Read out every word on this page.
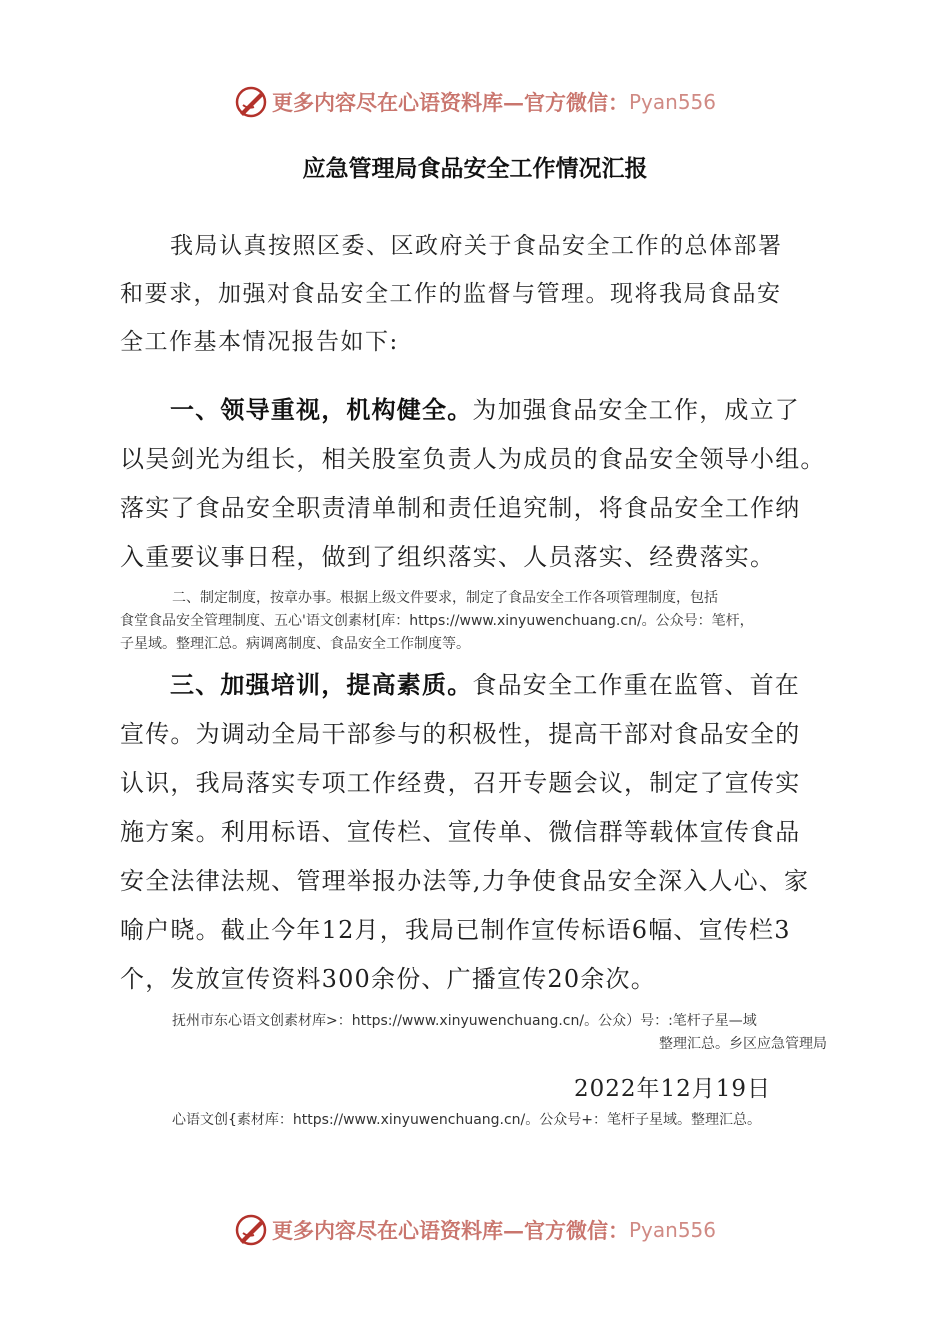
更多内容尽在心语资料库—官方微信： Pyan556
应急管理局食品安全工作情况汇报
我局认真按照区委、区政府关于食品安全工作的总体部署
和要求，加强对食品安全工作的监督与管理。现将我局食品安
全工作基本情况报告如下:
一、领导重视，机构健全。为加强食品安全工作，成立了
以吴剑光为组长，相关股室负责人为成员的食品安全领导小组。
落实了食品安全职责清单制和责任追究制，将食品安全工作纳
入重要议事日程，做到了组织落实、人员落实、经费落实。
二、制定制度，按章办事。根据上级文件要求，制定了食品安全工作各项管理制度，包括
食堂食品安全管理制度、五心'语文创素材[库：https://www.xinyuwenchuang.cn/。公众号：笔杆，
子星域。整理汇总。病调离制度、食品安全工作制度等。
三、加强培训，提高素质。食品安全工作重在监管、首在
宣传。为调动全局干部参与的积极性，提高干部对食品安全的
认识，我局落实专项工作经费，召开专题会议，制定了宣传实
施方案。利用标语、宣传栏、宣传单、微信群等载体宣传食品
安全法律法规、管理举报办法等,力争使食品安全深入人心、家
喻户晓。截止今年12月，我局已制作宣传标语6幅、宣传栏3
个，发放宣传资料300余份、广播宣传20余次。
抚州市东心语文创素材库>：https://www.xinyuwenchuang.cn/。公众）号：:笔杆子星—域
整理汇总。乡区应急管理局
2022年12月19日
心语文创{素材库：https://www.xinyuwenchuang.cn/。公众号+：笔杆子星域。整理汇总。
更多内容尽在心语资料库—官方微信： Pyan556
